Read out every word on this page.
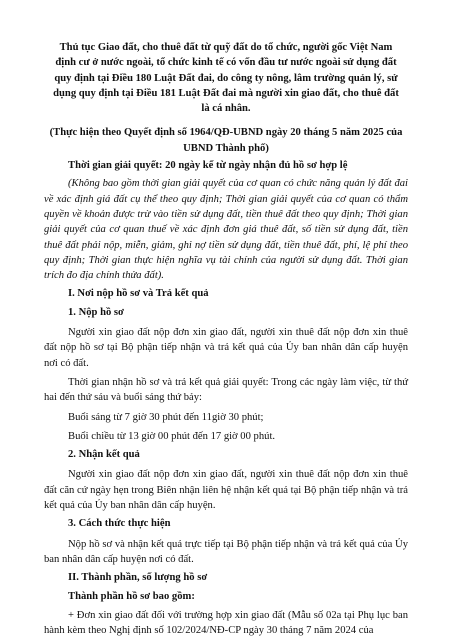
Thủ tục Giao đất, cho thuê đất từ quỹ đất do tổ chức, người gốc Việt Nam định cư ở nước ngoài, tổ chức kinh tế có vốn đầu tư nước ngoài sử dụng đất quy định tại Điều 180 Luật Đất đai, do công ty nông, lâm trường quản lý, sử dụng quy định tại Điều 181 Luật Đất đai mà người xin giao đất, cho thuê đất là cá nhân.
(Thực hiện theo Quyết định số 1964/QĐ-UBND ngày 20 tháng 5 năm 2025 của UBND Thành phố)
Thời gian giải quyết: 20 ngày kể từ ngày nhận đủ hồ sơ hợp lệ
(Không bao gồm thời gian giải quyết của cơ quan có chức năng quản lý đất đai về xác định giá đất cụ thể theo quy định; Thời gian giải quyết của cơ quan có thẩm quyền về khoản được trừ vào tiền sử dụng đất, tiền thuê đất theo quy định; Thời gian giải quyết của cơ quan thuế về xác định đơn giá thuê đất, số tiền sử dụng đất, tiền thuê đất phải nộp, miễn, giảm, ghi nợ tiền sử dụng đất, tiền thuê đất, phí, lệ phí theo quy định; Thời gian thực hiện nghĩa vụ tài chính của người sử dụng đất. Thời gian trích đo địa chính thửa đất).
I. Nơi nộp hồ sơ và Trả kết quả
1. Nộp hồ sơ
Người xin giao đất nộp đơn xin giao đất, người xin thuê đất nộp đơn xin thuê đất nộp hồ sơ tại Bộ phận tiếp nhận và trả kết quả của Ủy ban nhân dân cấp huyện nơi có đất.
Thời gian nhận hồ sơ và trả kết quả giải quyết: Trong các ngày làm việc, từ thứ hai đến thứ sáu và buổi sáng thứ bảy:
Buổi sáng từ 7 giờ 30 phút đến 11giờ 30 phút;
Buổi chiều từ 13 giờ 00 phút đến 17 giờ 00 phút.
2. Nhận kết quả
Người xin giao đất nộp đơn xin giao đất, người xin thuê đất nộp đơn xin thuê đất căn cứ ngày hẹn trong Biên nhận liên hệ nhận kết quả tại Bộ phận tiếp nhận và trả kết quả của Ủy ban nhân dân cấp huyện.
3. Cách thức thực hiện
Nộp hồ sơ và nhận kết quả trực tiếp tại Bộ phận tiếp nhận và trả kết quả của Ủy ban nhân dân cấp huyện nơi có đất.
II. Thành phần, số lượng hồ sơ
Thành phần hồ sơ bao gồm:
+ Đơn xin giao đất đối với trường hợp xin giao đất (Mẫu số 02a tại Phụ lục ban hành kèm theo Nghị định số 102/2024/NĐ-CP ngày 30 tháng 7 năm 2024 của
